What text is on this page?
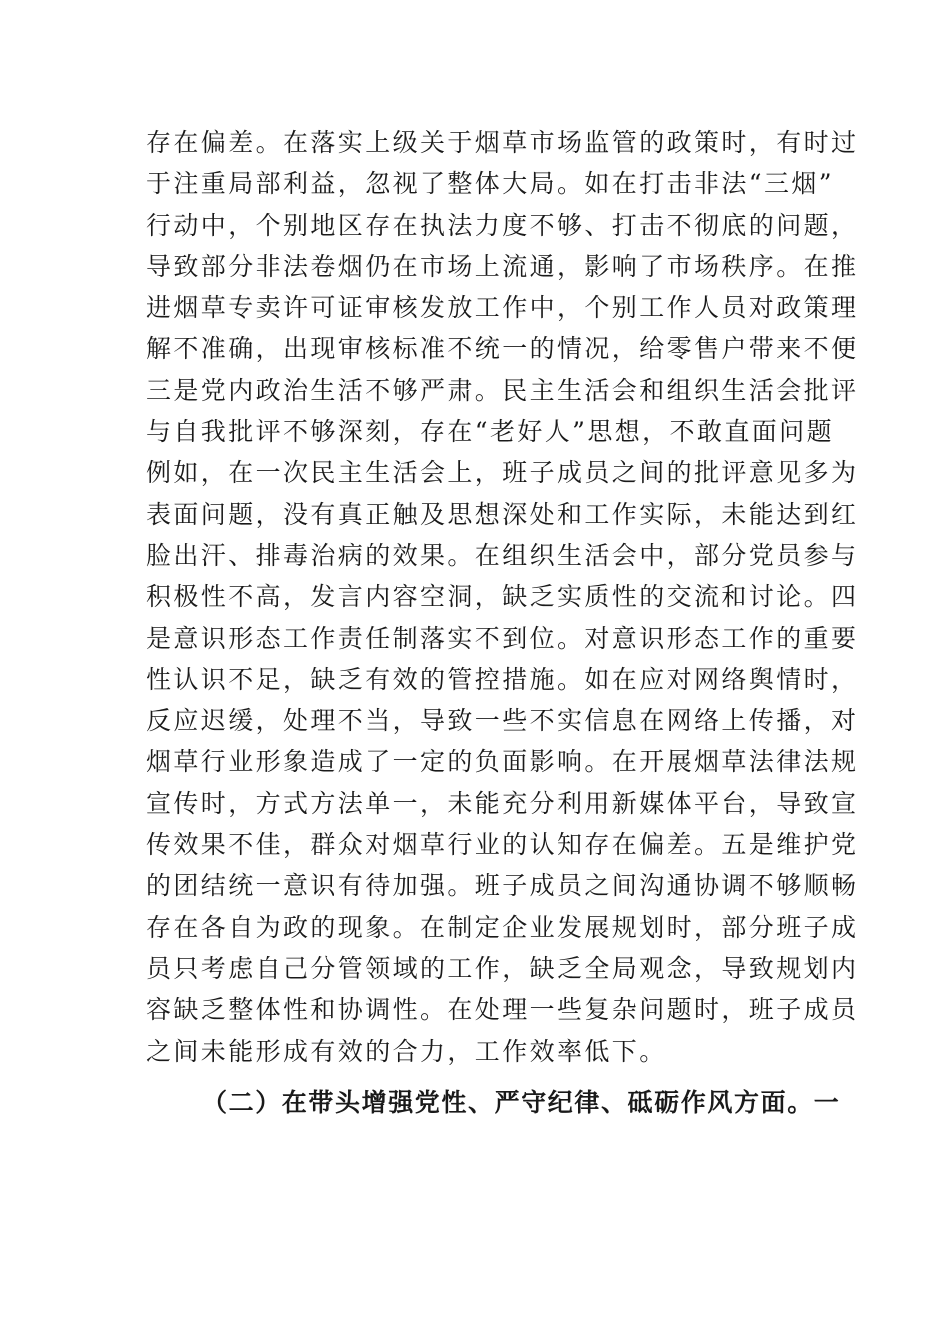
存在偏差。在落实上级关于烟草市场监管的政策时，有时过
于注重局部利益，忽视了整体大局。如在打击非法“三烟”
行动中，个别地区存在执法力度不够、打击不彻底的问题，
导致部分非法卷烟仍在市场上流通，影响了市场秩序。在推
进烟草专卖许可证审核发放工作中，个别工作人员对政策理
解不准确，出现审核标准不统一的情况，给零售户带来不便
三是党内政治生活不够严肃。民主生活会和组织生活会批评
与自我批评不够深刻，存在“老好人”思想，不敢直面问题
例如，在一次民主生活会上，班子成员之间的批评意见多为
表面问题，没有真正触及思想深处和工作实际，未能达到红
脸出汗、排毒治病的效果。在组织生活会中，部分党员参与
积极性不高，发言内容空洞，缺乏实质性的交流和讨论。四
是意识形态工作责任制落实不到位。对意识形态工作的重要
性认识不足，缺乏有效的管控措施。如在应对网络舆情时，
反应迟缓，处理不当，导致一些不实信息在网络上传播，对
烟草行业形象造成了一定的负面影响。在开展烟草法律法规
宣传时，方式方法单一，未能充分利用新媒体平台，导致宣
传效果不佳，群众对烟草行业的认知存在偏差。五是维护党
的团结统一意识有待加强。班子成员之间沟通协调不够顺畅
存在各自为政的现象。在制定企业发展规划时，部分班子成
员只考虑自己分管领域的工作，缺乏全局观念，导致规划内
容缺乏整体性和协调性。在处理一些复杂问题时，班子成员
之间未能形成有效的合力，工作效率低下。
（二）在带头增强党性、严守纪律、砥砺作风方面。一
